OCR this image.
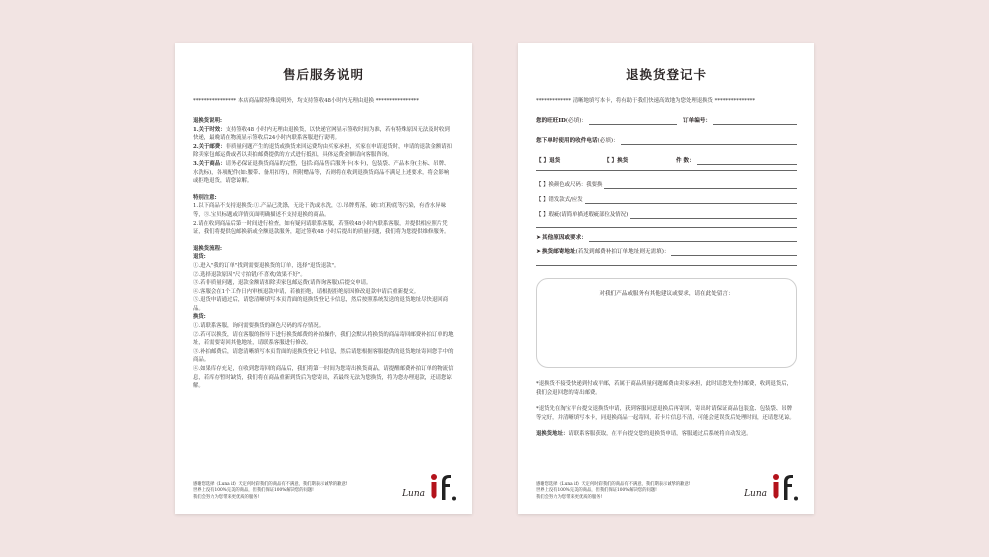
售后服务说明
**************** 本店商品除特殊说明外，均支持签收48小时内无理由退换 ****************

退换货说明:

1.关于时效：支持签收48 小时内无理由退换货，以快递官网显示签收时间为准，若有特殊原因无法及时收到快递，最晚请在物流显示签收后24小时内联系客服进行说明。

2.关于邮费：非质量问题产生的退货或换货来回运费均由买家承担，买家在申请退货时，申请的退款金额请扣除卖家包邮运费或者以卖拍邮费提供的方式进行抵扣，具体运费金额请向客服咨询。

3.关于商品：请务必保证退换货商品的完整，包括:商品售后服务卡(本卡)，包装袋、产品本身(主标、吊牌、水洗标)，各项配件(如:腰带、备用扣等)，所附赠品等，否则将在收到退换货商品不满足上述要求，将会影响或拒绝退货，请您谅解。

特别注意:

1.以下商品不支持退换货:①.产品已洗涤，无论干洗或水洗，②.吊牌剪落，破口红粉底等污染，有香水异味等，③.宝贝标题或详情页面明确描述不支持退换的商品。

2.请在收到商品后第一时间进行检查，如有疑问请联系客服，若签收48小时内联系客服，并提供相应照片凭证，我们将提供包邮换新或全额退款服务，超过签收48 小时后提出的质量问题，我们将为您提供维修服务。

退换货流程:

退货:

①.进入"我的订单"找到需要退换货的订单，选择"退货退款"。

②.选择退款原因"尺寸拍错/不喜欢/效果不好"。

③.若非质量问题，退款金额请扣除卖家包邮运费(请咨询客服)后提交申请。

④.客服会在1个工作日内审核退款申请，若被拒绝，请根据拒绝原因修改退款申请后重新提交。

⑤.退货申请通过后，请您清晰填写本页背面的退换货登记卡信息，然后按照系统发送的退货地址尽快退回商品。

换货:

①.请联系客服，询问需要换货的颜色尺码的库存情况。

②.若可以换货，请在客服的指导下进行换货邮费的补拍操作，我们会默认将换货的商品寄回邮费补拍订单的地址，若需要寄回其他地址，请联系客服进行修改。

③.补拍邮费后，请您清晰填写本页背面的退换货登记卡信息，然后请您根据客服提供的退货地址寄回您手中的商品。

④.如果库存充足，在收到您寄回的商品后，我们将第一时间为您寄出换货商品，请提醒邮费补拍订单的物流信息，若库存暂时缺货，我们将在商品重新到货后为您寄出，若最终无法为您换货，将为您办理退款，还请您谅解。

感谢您选择《Luna if》天定何时彩我们的商品有不满意，我们期表示诚挚的歉意!
世界上没有100%完美的商品，但我们保证100%解决您的问题!
我们会努力为您带来更优质的服务!	Luna
退换货登记卡
************* 清晰地填写本卡，将有助于我们快速高效地为您处理退换货 ***************
您的旺旺ID (必填)：	订单编号：
您下单时使用的收件电话 (必填)：
【 】退货	【 】换货	件 数：
【 】换颜色或尺码：我要换
【 】错发款式/应发
【 】瑕疵(请简单描述瑕疵部位及情况)
➤ 其他原因或要求：
➤ 换货邮寄地址 (若发到邮费补拍订单地址则无需填)：
对我们产品或服务有其他建议或要求，请在此处留言：

*退换货不接受快递到付或平邮，若属于商品质量问题邮费由卖家承担，此时请您先垫付邮费，收到退货后，我们会退回您的寄出邮费。

*退货先在淘宝平台提交退换货申请，获到客服同意退换后再寄回，寄出时请保证商品包装盒、包装袋、吊牌等完好，并清晰填写本卡，同退换商品一起寄回，若卡片信息不清，可能会延误货后处理时间，还请您见谅。

退换货地址：请联系客服获取，在平台提交您的退换货申请，客服通过后系统将自动发送。

感谢您选择《Luna if》天定何时彩我们的商品有不满意，我们期表示诚挚的歉意!
世界上没有100%完美的商品，但我们保证100%解决您的问题!
我们会努力为您带来更优质的服务!	Luna
